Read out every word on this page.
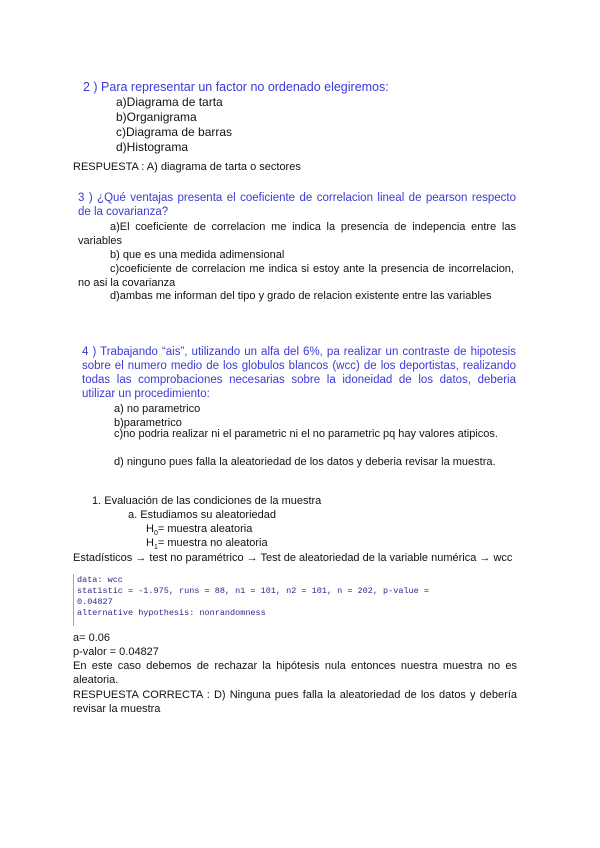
2 ) Para representar un factor no ordenado elegiremos:
a)Diagrama de tarta
b)Organigrama
c)Diagrama de barras
d)Histograma
RESPUESTA : A) diagrama de tarta o sectores
3 ) ¿Qué ventajas presenta el coeficiente de correlacion lineal de pearson respecto de la covarianza?
a)El coeficiente de correlacion me indica la presencia de indepencia entre las variables
b) que es una medida adimensional
c)coeficiente de correlacion me indica si estoy ante la presencia de incorrelacion, no asi la covarianza
d)ambas me informan del tipo y grado de relacion existente entre las variables
4 ) Trabajando “ais”, utilizando un alfa del 6%, pa realizar un contraste de hipotesis sobre el numero medio de los globulos blancos (wcc) de los deportistas, realizando todas las comprobaciones necesarias sobre la idoneidad de los datos, deberia utilizar un procedimiento:
a) no parametrico
b)parametrico
c)no podria realizar ni el parametric ni el no parametric pq hay valores atipicos.
d) ninguno pues falla la aleatoriedad de los datos y deberia revisar la muestra.
1. Evaluación de las condiciones de la muestra
a. Estudiamos su aleatoriedad
$H_0=$ muestra aleatoria
$H_1=$ muestra no aleatoria
Estadísticos → test no paramétrico → Test de aleatoriedad de la variable numérica → wcc
data: wcc
statistic = -1.975, runs = 88, n1 = 101, n2 = 101, n = 202, p-value =
0.04827
alternative hypothesis: nonrandomness
a= 0.06
p-valor = 0.04827
En este caso debemos de rechazar la hipótesis nula entonces nuestra muestra no es aleatoria.
RESPUESTA CORRECTA : D) Ninguna pues falla la aleatoriedad de los datos y debería revisar la muestra
